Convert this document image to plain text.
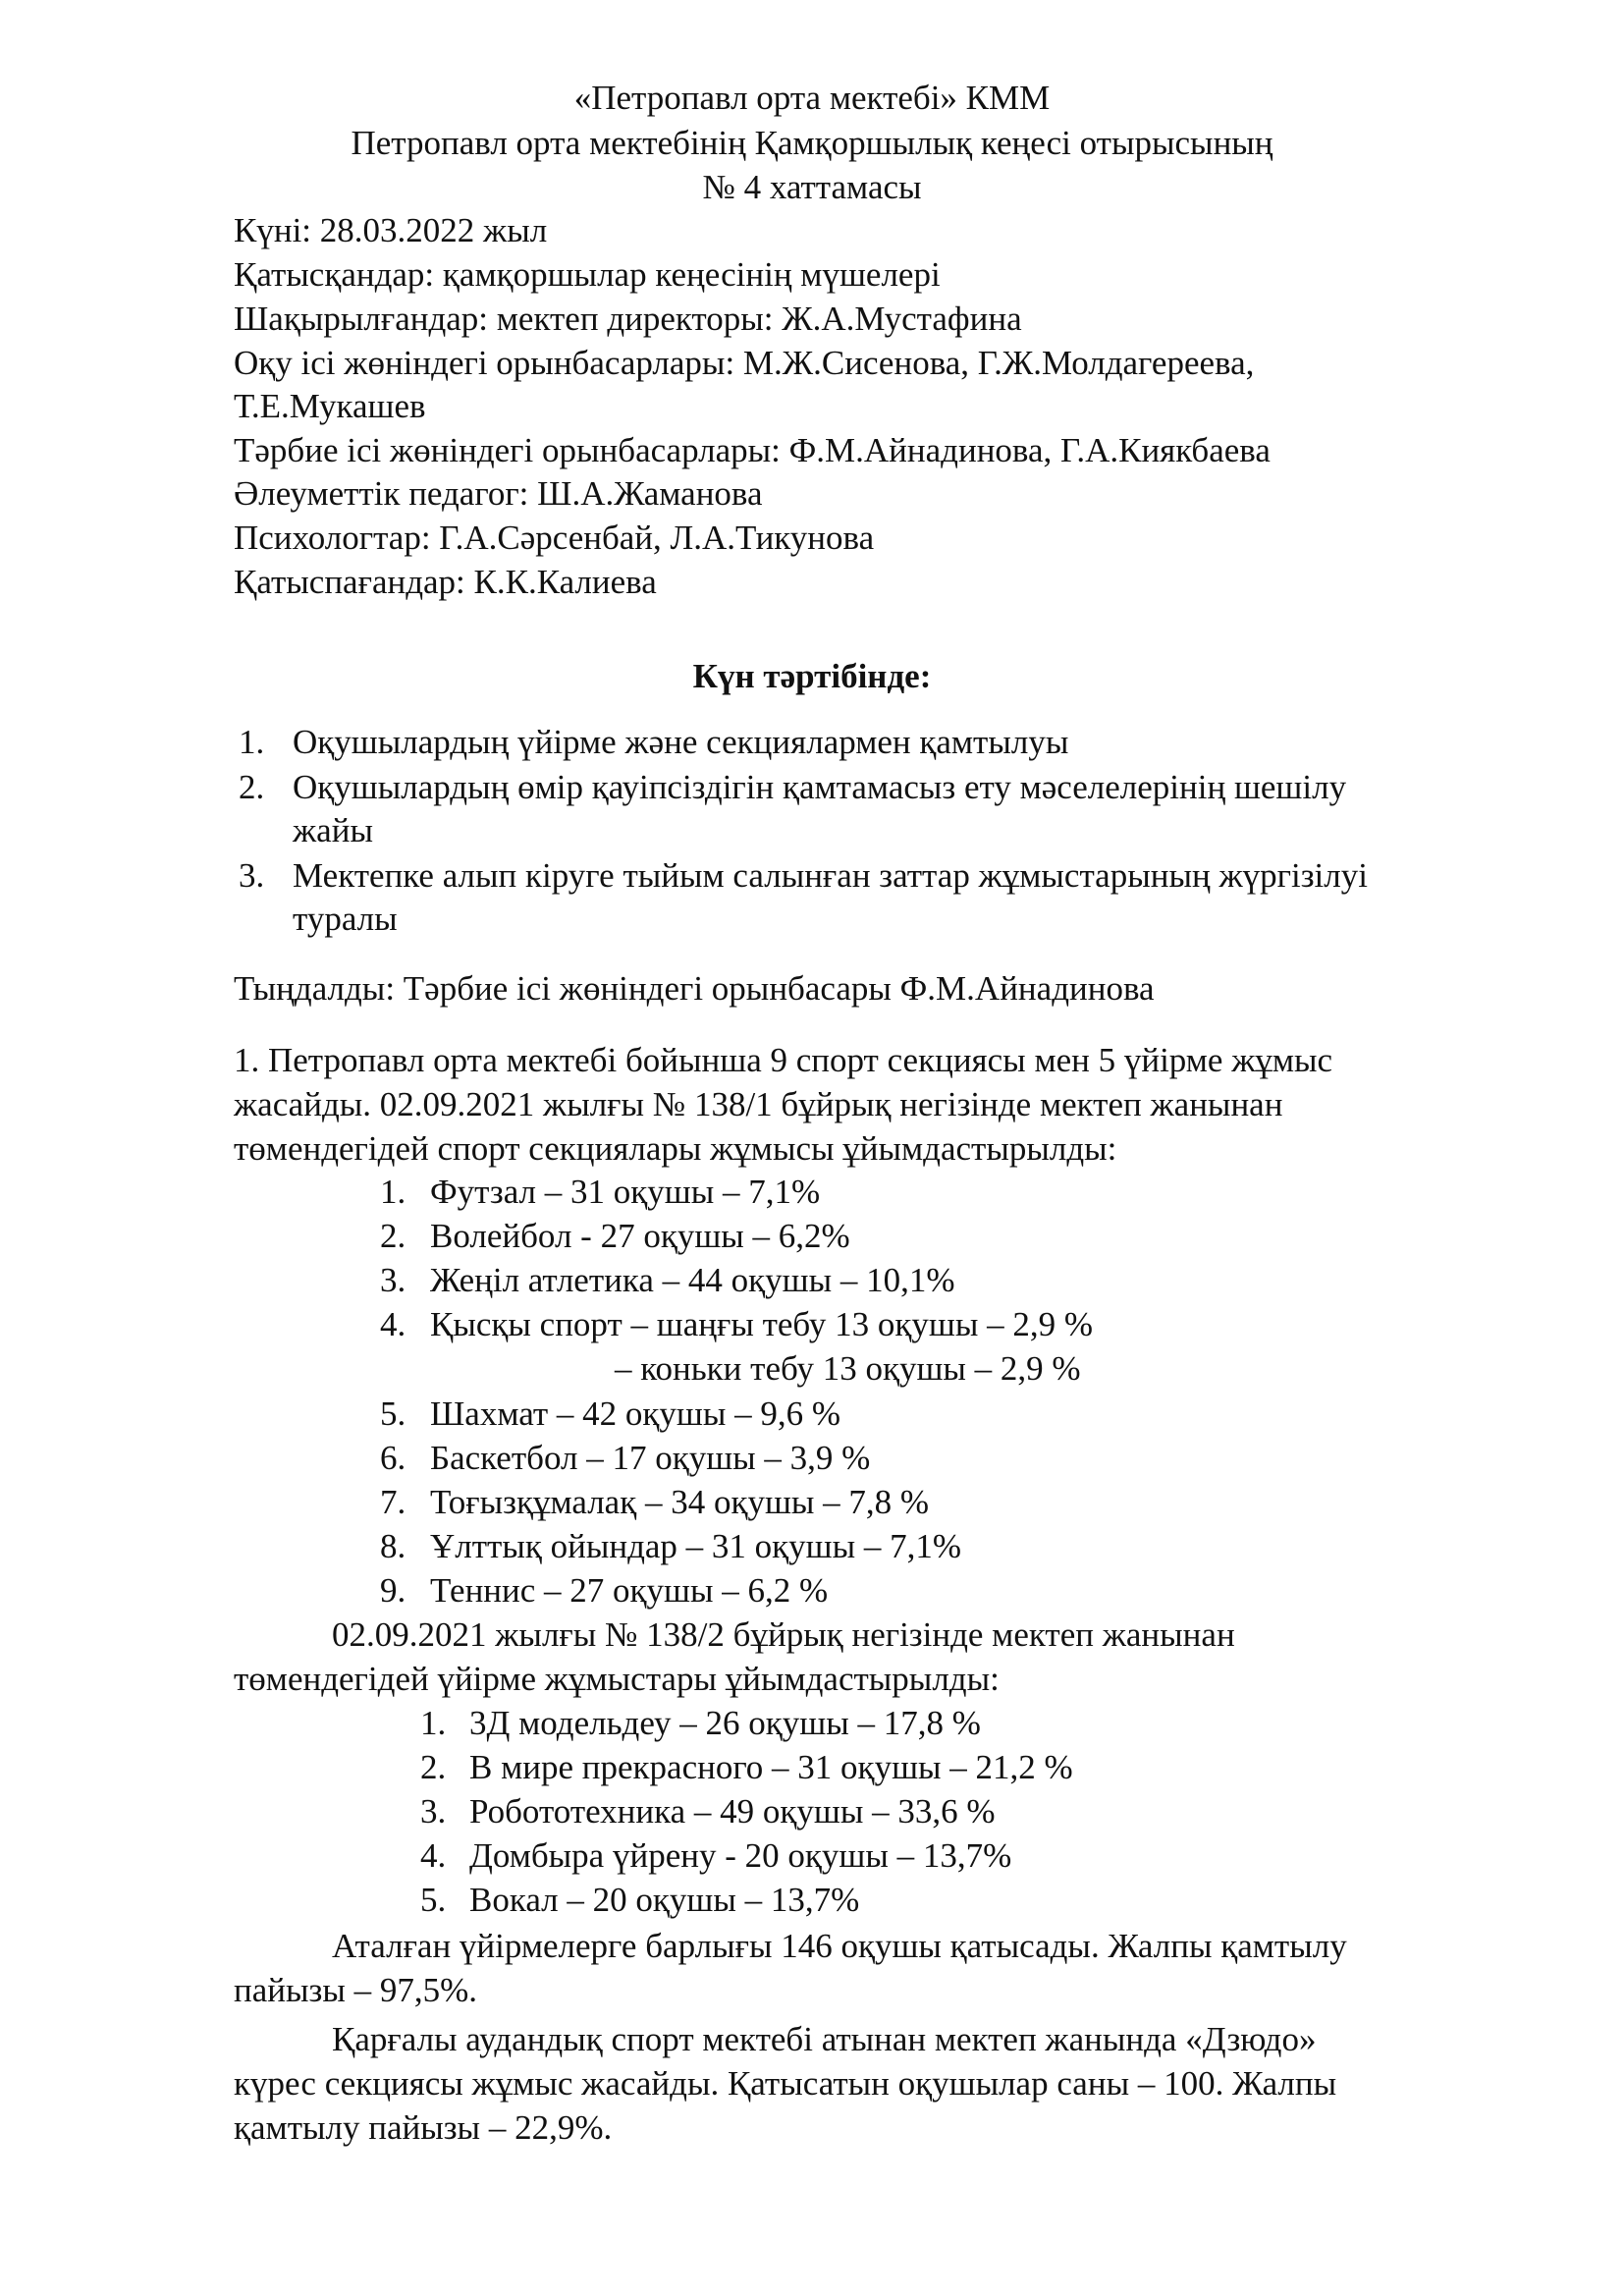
«Петропавл орта мектебі» КММ
Петропавл орта мектебінің Қамқоршылық кеңесі отырысының
№ 4 хаттамасы
Күні: 28.03.2022 жыл
Қатысқандар: қамқоршылар кеңесінің мүшелері
Шақырылғандар: мектеп директоры: Ж.А.Мустафина
Оқу ісі жөніндегі орынбасарлары: М.Ж.Сисенова, Г.Ж.Молдагереева,
Т.Е.Мукашев
Тәрбие ісі жөніндегі орынбасарлары: Ф.М.Айнадинова, Г.А.Киякбаева
Әлеуметтік педагог: Ш.А.Жаманова
Психологтар: Г.А.Сәрсенбай, Л.А.Тикунова
Қатыспағандар: К.К.Калиева
Күн тәртібінде:
1. Оқушылардың үйірме және секциялармен қамтылуы
2. Оқушылардың өмір қауіпсіздігін қамтамасыз ету мәселелерінің шешілу
жайы
3. Мектепке алып кіруге тыйым салынған заттар жұмыстарының жүргізілуі
туралы
Тыңдалды: Тәрбие ісі жөніндегі орынбасары Ф.М.Айнадинова
1. Петропавл орта мектебі бойынша 9 спорт секциясы мен 5 үйірме жұмыс
жасайды. 02.09.2021 жылғы № 138/1 бұйрық негізінде мектеп жанынан
төмендегідей спорт секциялары жұмысы ұйымдастырылды:
1. Футзал – 31 оқушы – 7,1%
2. Волейбол - 27 оқушы – 6,2%
3. Жеңіл атлетика – 44 оқушы – 10,1%
4. Қысқы спорт – шаңғы тебу 13 оқушы – 2,9 %
– коньки тебу 13 оқушы – 2,9 %
5. Шахмат – 42 оқушы – 9,6 %
6. Баскетбол – 17 оқушы – 3,9 %
7. Тоғызқұмалақ – 34 оқушы – 7,8 %
8. Ұлттық ойындар – 31 оқушы – 7,1%
9. Теннис – 27 оқушы – 6,2 %
02.09.2021 жылғы № 138/2 бұйрық негізінде мектеп жанынан
төмендегідей үйірме жұмыстары ұйымдастырылды:
1. 3Д модельдеу – 26 оқушы – 17,8 %
2. В мире прекрасного – 31 оқушы – 21,2 %
3. Робототехника – 49 оқушы – 33,6 %
4. Домбыра үйрену - 20 оқушы – 13,7%
5. Вокал – 20 оқушы – 13,7%
Аталған үйірмелерге барлығы 146 оқушы қатысады. Жалпы қамтылу
пайызы – 97,5%.
Қарғалы аудандық спорт мектебі атынан мектеп жанында «Дзюдо»
күрес секциясы жұмыс жасайды. Қатысатын оқушылар саны – 100. Жалпы
қамтылу пайызы – 22,9%.
